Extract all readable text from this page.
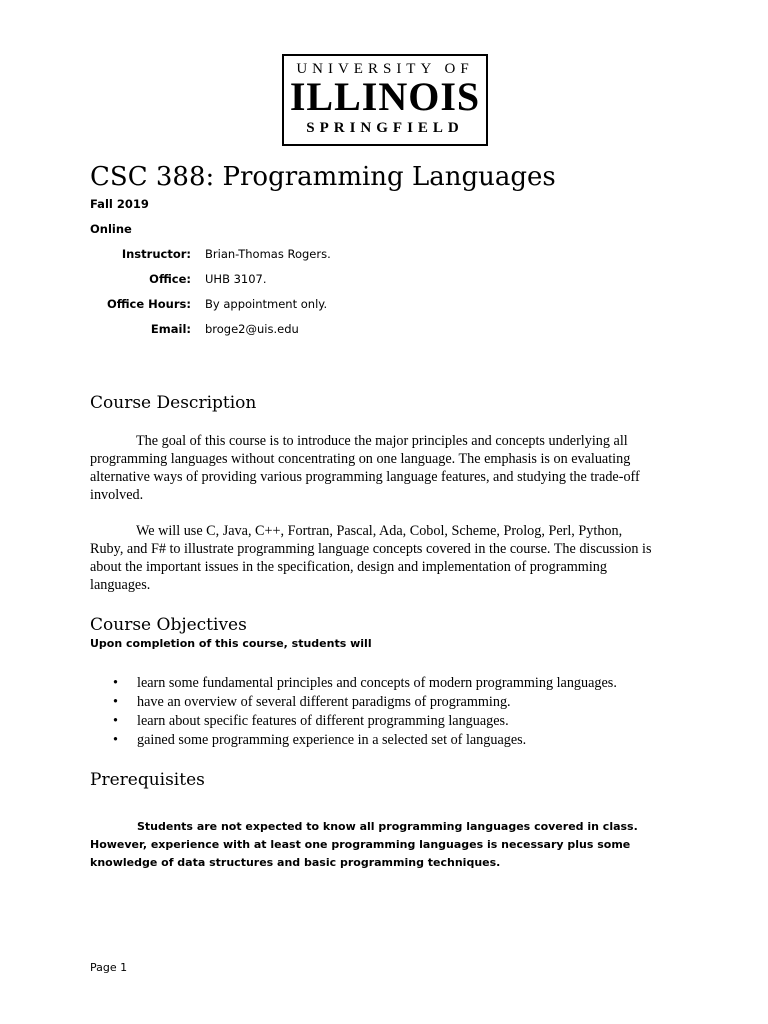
UNIVERSITY OF
ILLINOIS
SPRINGFIELD
CSC 388: Programming Languages
Fall 2019
Online
Instructor: Brian-Thomas Rogers.
Office: UHB 3107.
Office Hours: By appointment only.
Email: broge2@uis.edu
Course Description

The goal of this course is to introduce the major principles and concepts underlying all programming languages without concentrating on one language. The emphasis is on evaluating alternative ways of providing various programming language features, and studying the trade-off involved.

We will use C, Java, C++, Fortran, Pascal, Ada, Cobol, Scheme, Prolog, Perl, Python, Ruby, and F# to illustrate programming language concepts covered in the course. The discussion is about the important issues in the specification, design and implementation of programming languages.

Course Objectives
Upon completion of this course, students will
• learn some fundamental principles and concepts of modern programming languages.
• have an overview of several different paradigms of programming.
• learn about specific features of different programming languages.
• gained some programming experience in a selected set of languages.
Prerequisites

Students are not expected to know all programming languages covered in class. However, experience with at least one programming languages is necessary plus some knowledge of data structures and basic programming techniques.

Page 1
